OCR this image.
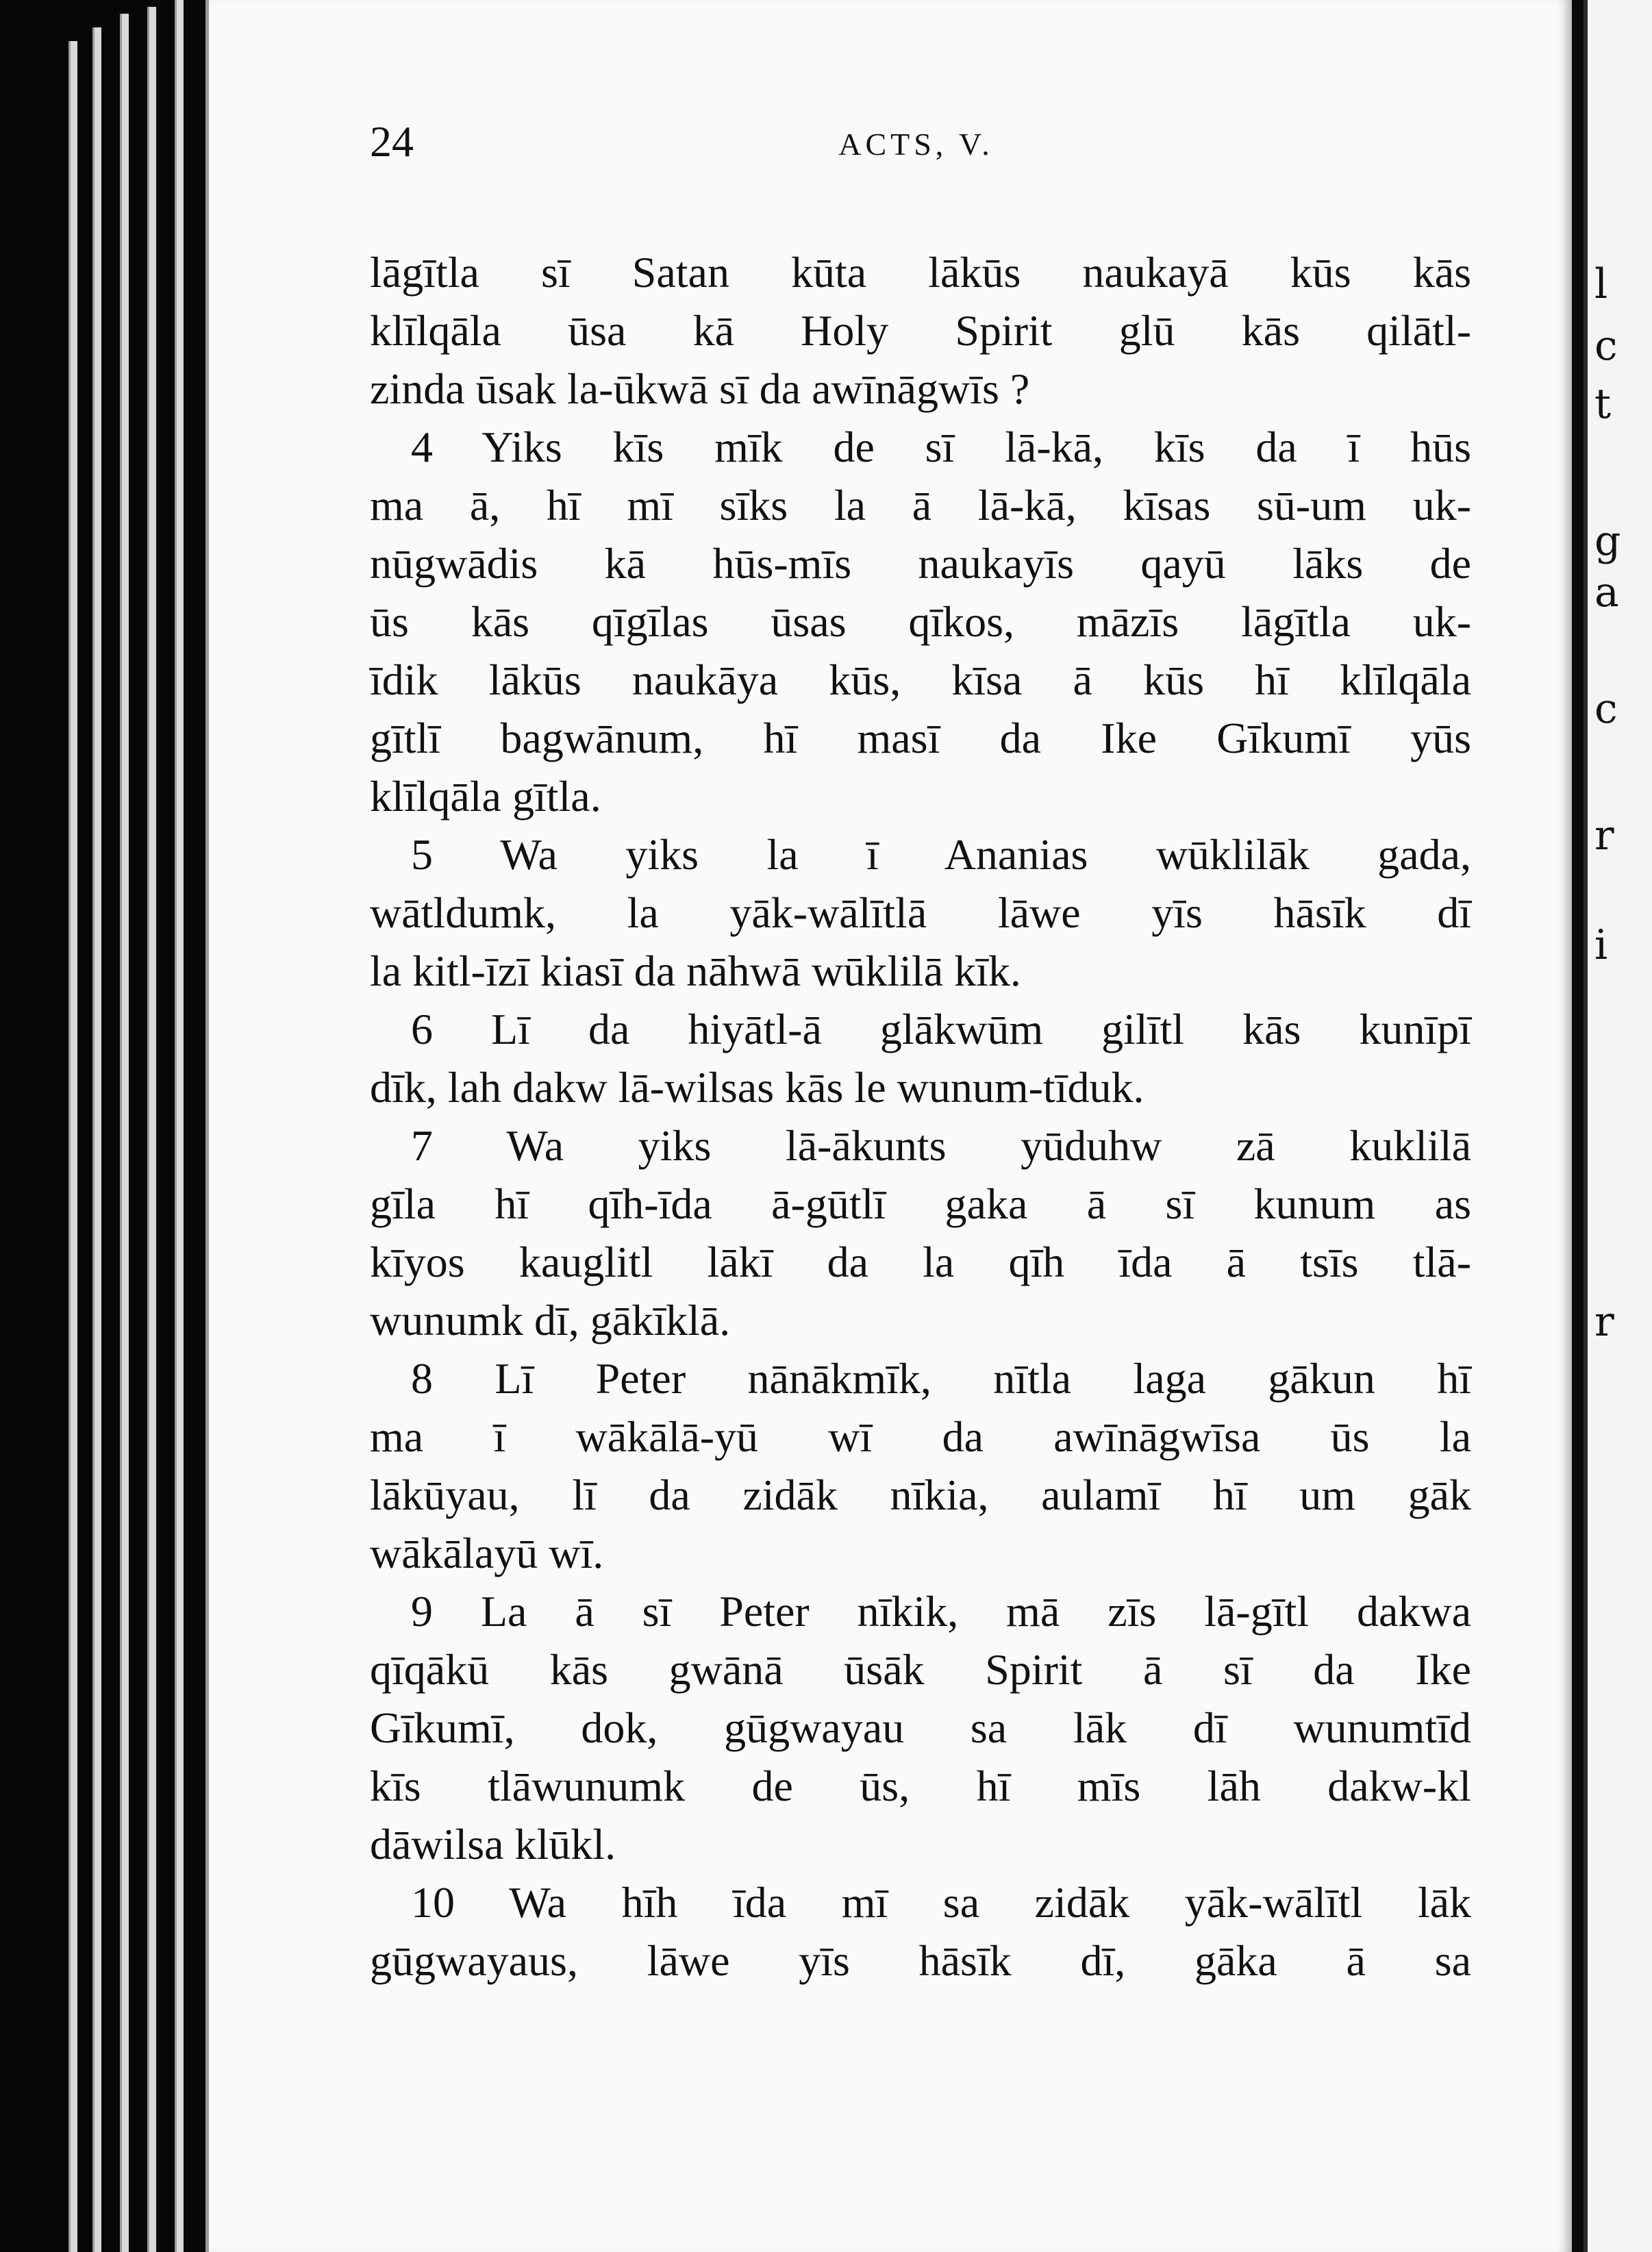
24	ACTS, V.
lāgītla sī Satan kūta lākūs naukayā kūs kās
klīlqāla ūsa kā Holy Spirit glū kās qilātl-
zinda ūsak la-ūkwā sī da awīnāgwīs ?
4 Yiks kīs mīk de sī lā-kā, kīs da ī hūs
ma ā, hī mī sīks la ā lā-kā, kīsas sū-um uk-
nūgwādis kā hūs-mīs naukayīs qayū lāks de
ūs kās qīgīlas ūsas qīkos, māzīs lāgītla uk-
īdik lākūs naukāya kūs, kīsa ā kūs hī klīlqāla
gītlī bagwānum, hī masī da Ike Gīkumī yūs
klīlqāla gītla.
5 Wa yiks la ī Ananias wūklilāk gada,
wātldumk, la yāk-wālītlā lāwe yīs hāsīk dī
la kitl-īzī kiasī da nāhwā wūklilā kīk.
6 Lī da hiyātl-ā glākwūm gilītl kās kunīpī
dīk, lah dakw lā-wilsas kās le wunum-tīduk.
7 Wa yiks lā-ākunts yūduhw zā kuklilā
gīla hī qīh-īda ā-gūtlī gaka ā sī kunum as
kīyos kauglitl lākī da la qīh īda ā tsīs tlā-
wunumk dī, gākīklā.
8 Lī Peter nānākmīk, nītla laga gākun hī
ma ī wākālā-yū wī da awīnāgwīsa ūs la
lākūyau, lī da zidāk nīkia, aulamī hī um gāk
wākālayū wī.
9 La ā sī Peter nīkik, mā zīs lā-gītl dakwa
qīqākū kās gwānā ūsāk Spirit ā sī da Ike
Gīkumī, dok, gūgwayau sa lāk dī wunumtīd
kīs tlāwunumk de ūs, hī mīs lāh dakw-kl
dāwilsa klūkl.
10 Wa hīh īda mī sa zidāk yāk-wālītl lāk
gūgwayaus, lāwe yīs hāsīk dī, gāka ā sa
l
c
t
g
a
c
r
i
r
